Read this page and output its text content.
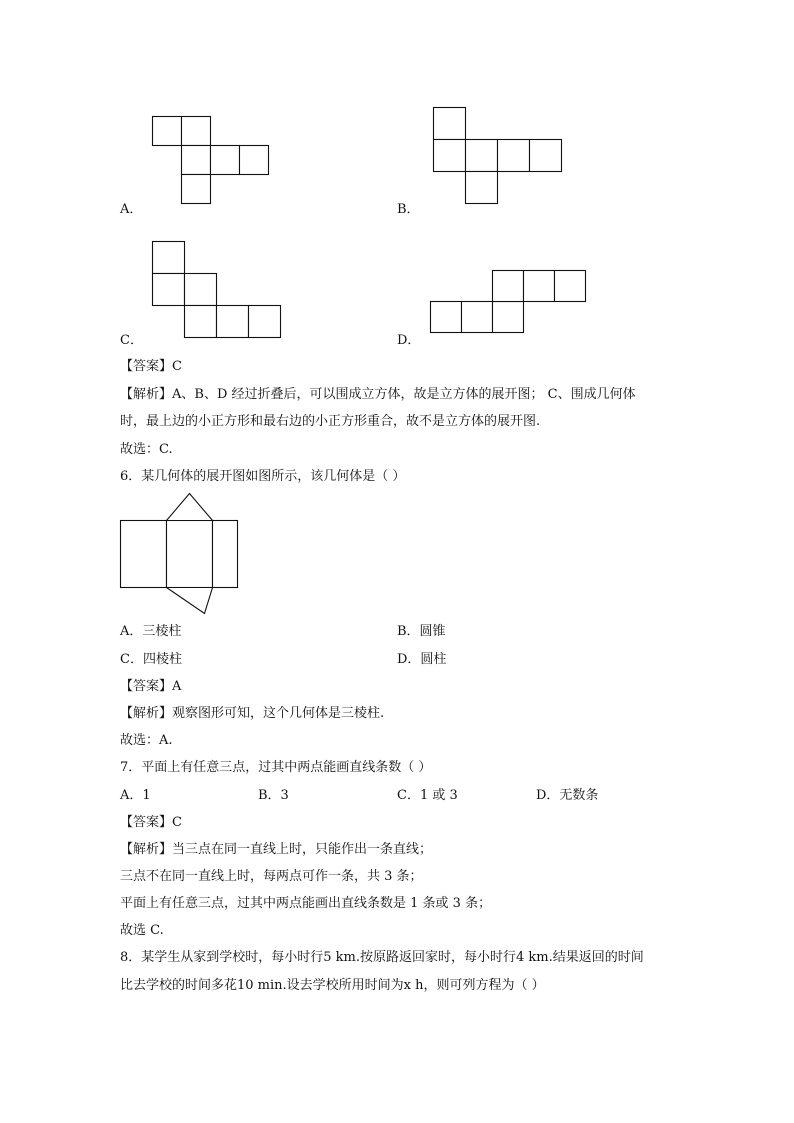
A．	B．
C．	D．
【答案】C
【解析】A、B、D 经过折叠后，可以围成立方体，故是立方体的展开图； C、围成几何体
时，最上边的小正方形和最右边的小正方形重合，故不是立方体的展开图.
故选：C.
6．某几何体的展开图如图所示，该几何体是（ ）
A．三棱柱	B．圆锥
C．四棱柱	D．圆柱
【答案】A
【解析】观察图形可知，这个几何体是三棱柱.
故选：A.
7．平面上有任意三点，过其中两点能画直线条数（ ）
A．1	B．3	C．1 或 3	D．无数条
【答案】C
【解析】当三点在同一直线上时，只能作出一条直线；
三点不在同一直线上时，每两点可作一条，共 3 条；
平面上有任意三点，过其中两点能画出直线条数是 1 条或 3 条；
故选 C.
8．某学生从家到学校时，每小时行5 km.按原路返回家时，每小时行4 km.结果返回的时间
比去学校的时间多花10 min.设去学校所用时间为x h，则可列方程为（ ）
